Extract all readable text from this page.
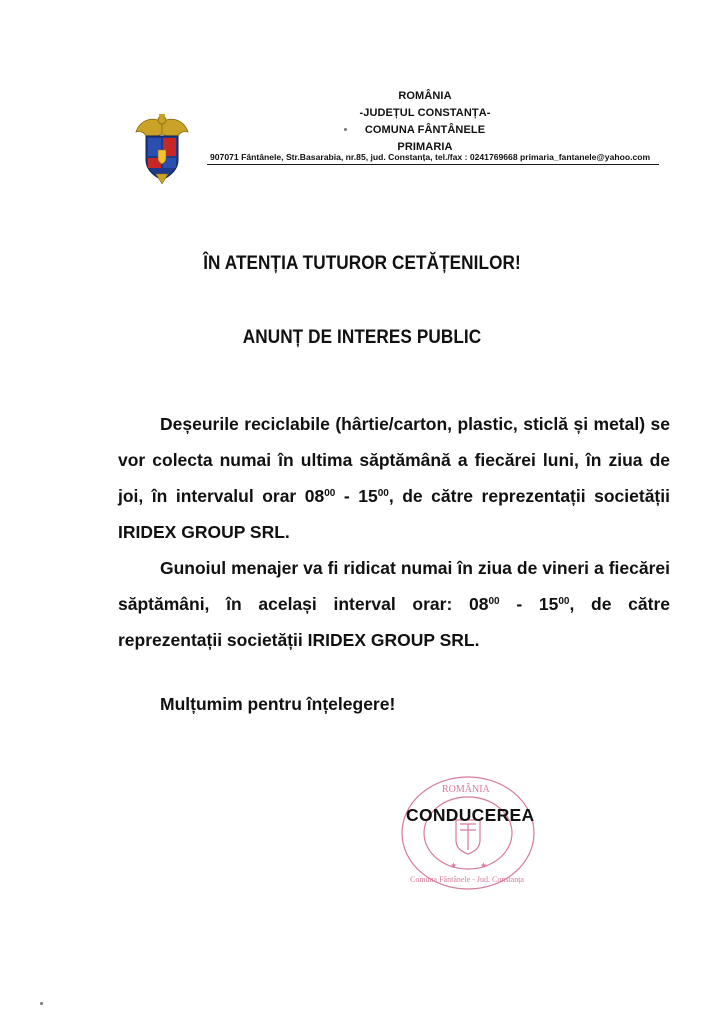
ROMÂNIA
-JUDEȚUL CONSTANȚA-
COMUNA FÂNTÂNELE
PRIMARIA
907071 Fântânele, Str.Basarabia, nr.85, jud. Constanța, tel./fax : 0241769668 primaria_fantanele@yahoo.com
ÎN ATENȚIA TUTUROR CETĂȚENILOR!
ANUNȚ DE INTERES PUBLIC

Deșeurile reciclabile (hârtie/carton, plastic, sticlă și metal) se vor colecta numai în ultima săptămână a fiecărei luni, în ziua de joi, în intervalul orar $08^{00} - 15^{00}$, de către reprezentații societății IRIDEX GROUP SRL.

Gunoiul menajer va fi ridicat numai în ziua de vineri a fiecărei săptămâni, în același interval orar: $08^{00} - 15^{00}$, de către reprezentații societății IRIDEX GROUP SRL.

Mulțumim pentru înțelegere!
ROMÂNIA
Comuna Fântânele - Jud. Constanța
★	★
CONDUCEREA
